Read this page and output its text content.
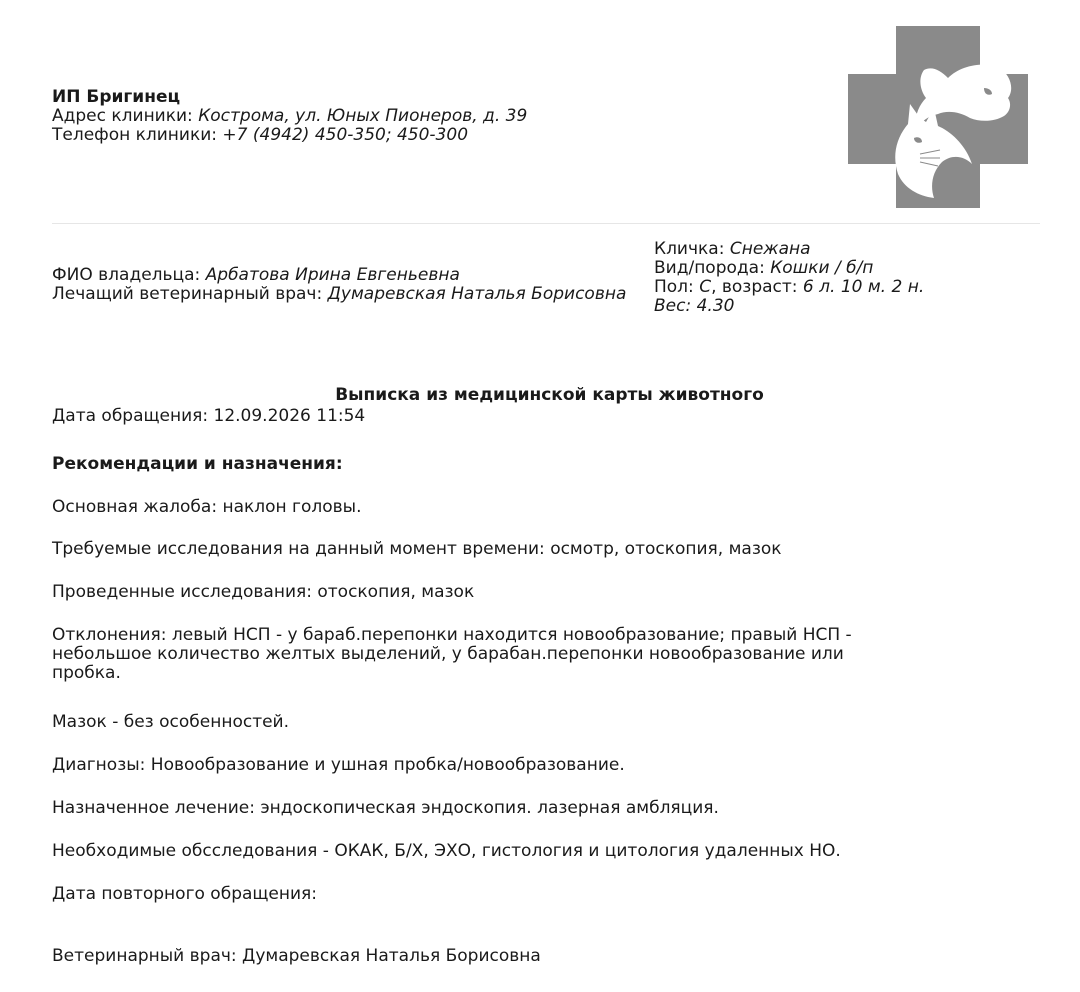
ИП Бригинец
Адрес клиники: Кострома, ул. Юных Пионеров, д. 39
Телефон клиники: +7 (4942) 450-350; 450-300
ФИО владельца: Арбатова Ирина Евгеньевна
Лечащий ветеринарный врач: Думаревская Наталья Борисовна
Кличка: Снежана
Вид/порода: Кошки / б/п
Пол: С, возраст: 6 л. 10 м. 2 н.
Вес: 4.30
Выписка из медицинской карты животного
Дата обращения: 12.09.2026 11:54
Рекомендации и назначения:
Основная жалоба: наклон головы.
Требуемые исследования на данный момент времени: осмотр, отоскопия, мазок
Проведенные исследования: отоскопия, мазок
Отклонения: левый НСП - у бараб.перепонки находится новообразование; правый НСП -
небольшое количество желтых выделений, у барабан.перепонки новообразование или
пробка.
Мазок - без особенностей.
Диагнозы: Новообразование и ушная пробка/новообразование.
Назначенное лечение: эндоскопическая эндоскопия. лазерная амбляция.
Необходимые обсследования - ОКАК, Б/Х, ЭХО, гистология и цитология удаленных НО.
Дата повторного обращения:
Ветеринарный врач: Думаревская Наталья Борисовна
